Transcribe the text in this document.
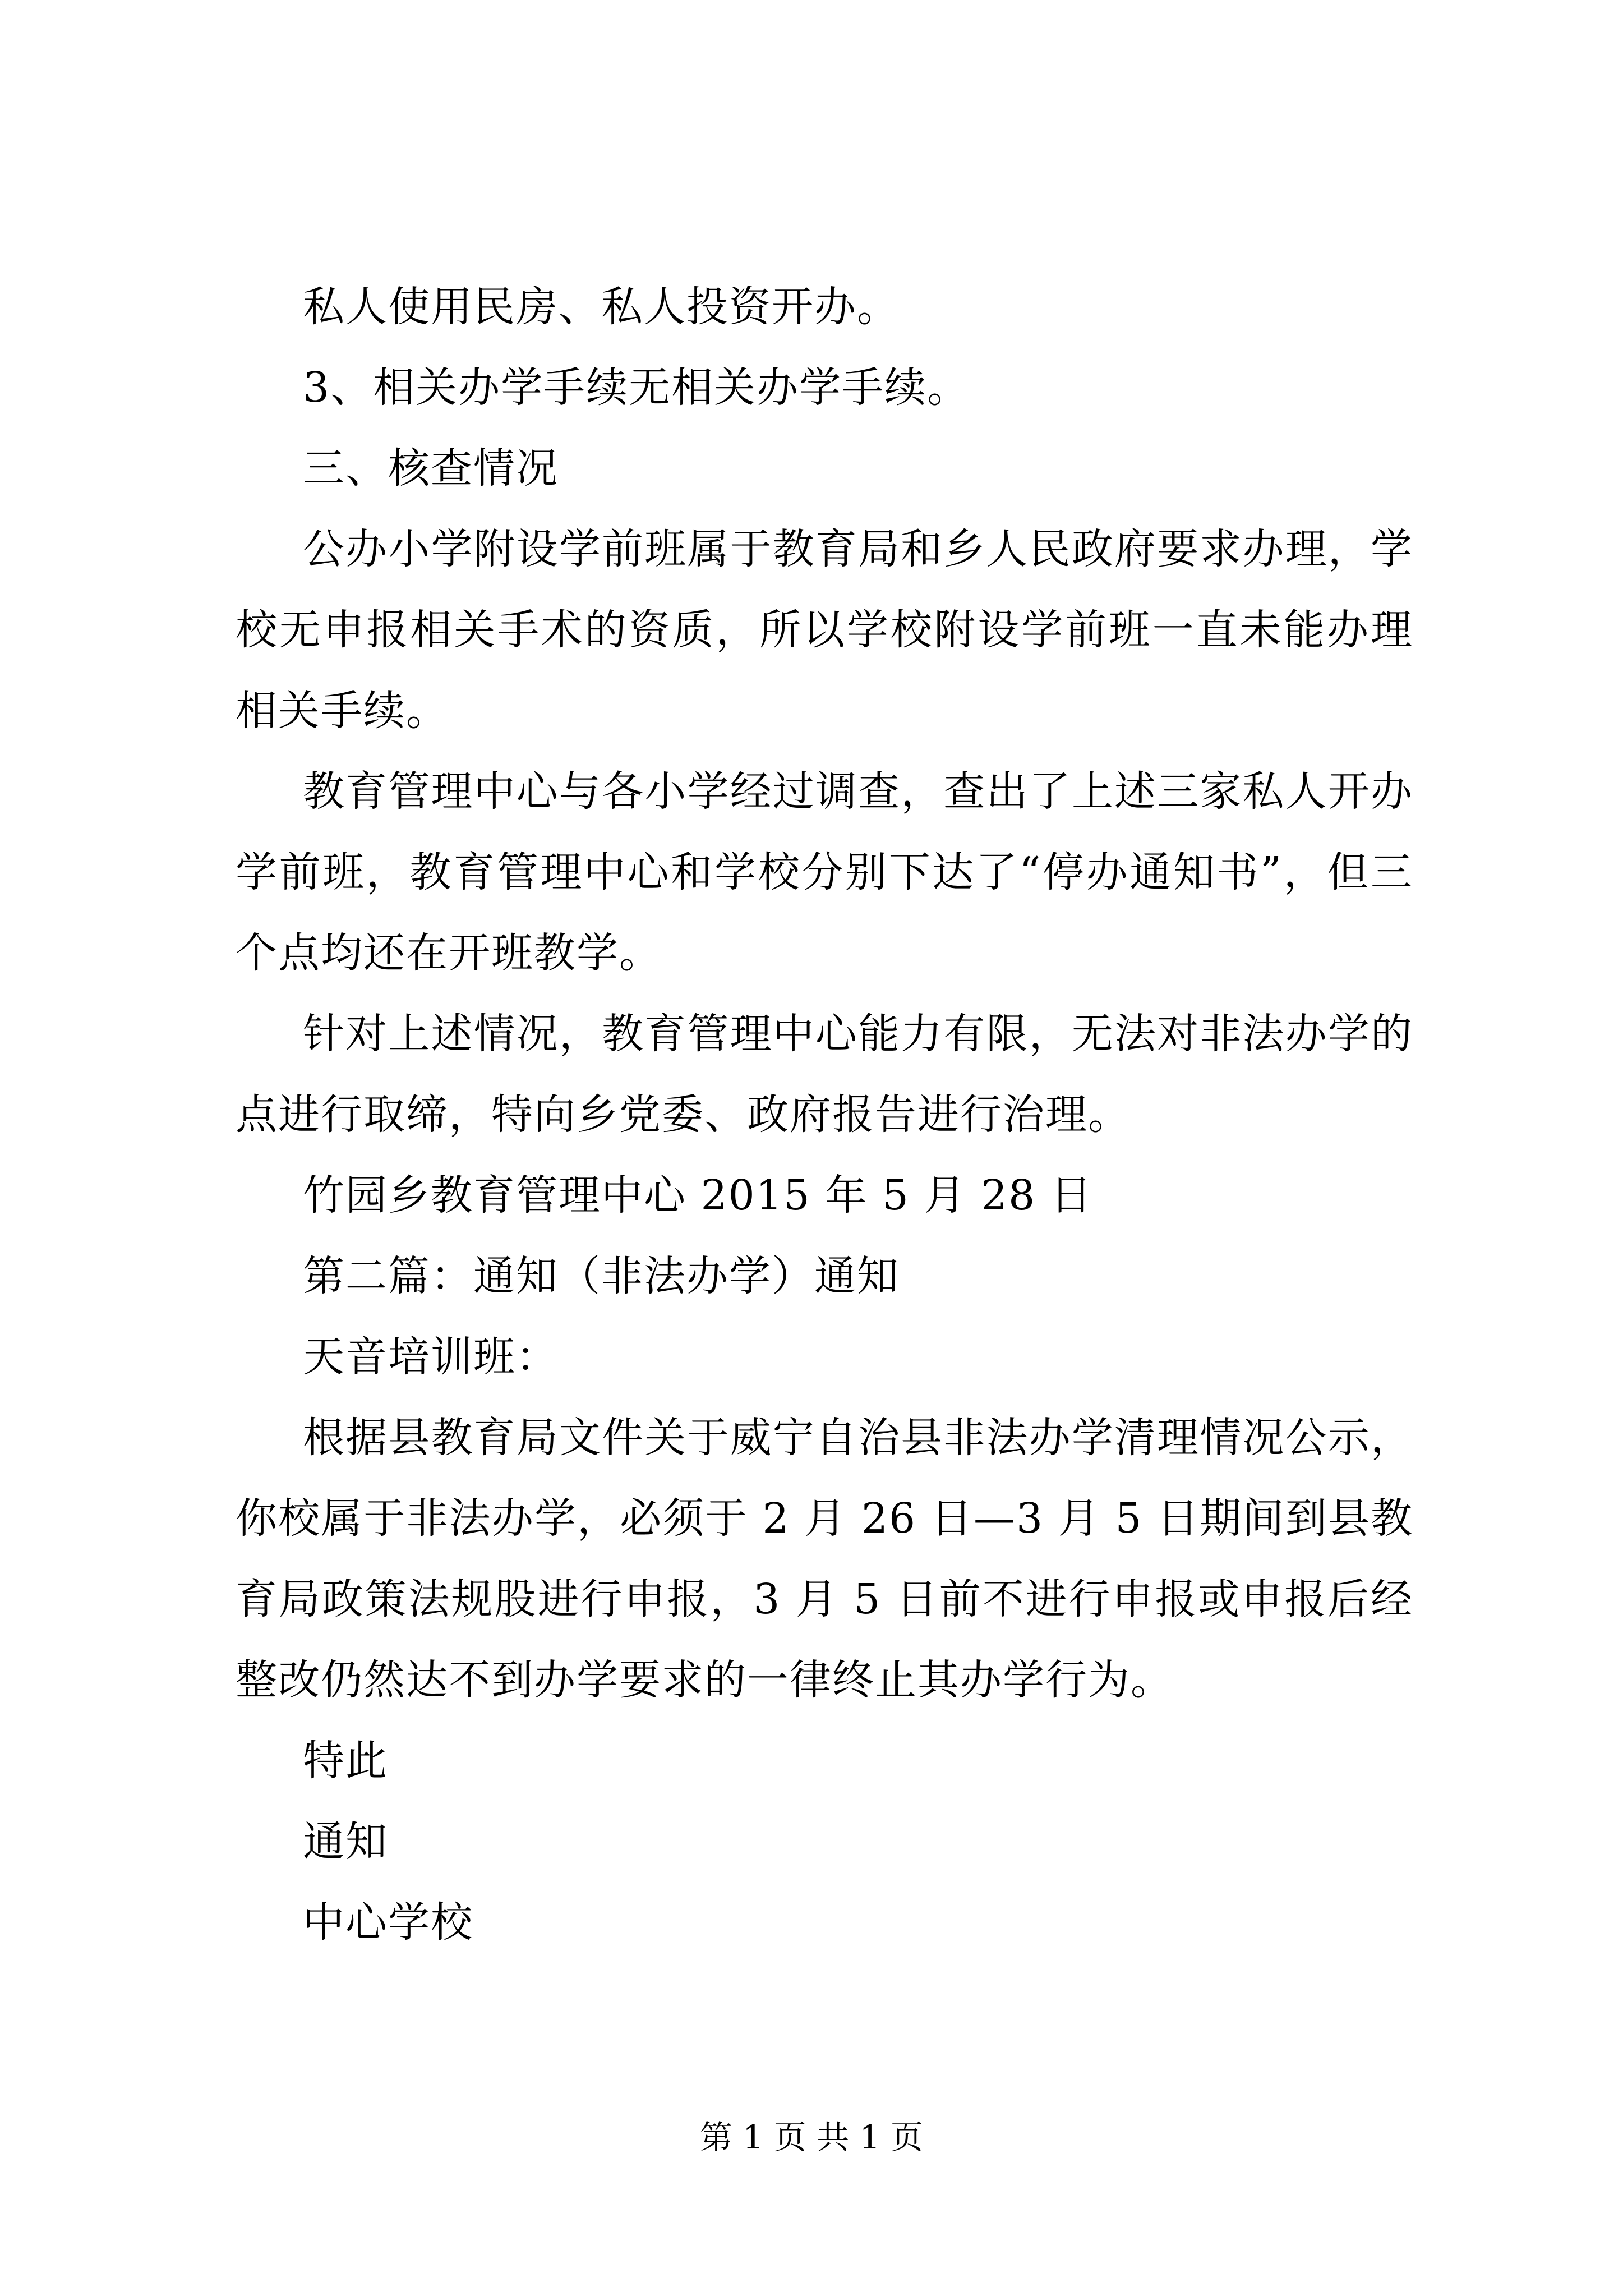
私人使用民房、私人投资开办。

3、相关办学手续无相关办学手续。

三、核查情况

公办小学附设学前班属于教育局和乡人民政府要求办理，学校无申报相关手术的资质，所以学校附设学前班一直未能办理相关手续。

教育管理中心与各小学经过调查，查出了上述三家私人开办学前班，教育管理中心和学校分别下达了“停办通知书”，但三个点均还在开班教学。

针对上述情况，教育管理中心能力有限，无法对非法办学的点进行取缔，特向乡党委、政府报告进行治理。

竹园乡教育管理中心 2015 年 5 月 28 日

第二篇：通知（非法办学）通知

天音培训班：

根据县教育局文件关于威宁自治县非法办学清理情况公示，你校属于非法办学，必须于 2 月 26 日—3 月 5 日期间到县教育局政策法规股进行申报，3 月 5 日前不进行申报或申报后经整改仍然达不到办学要求的一律终止其办学行为。

特此

通知

中心学校

第 1 页 共 1 页
